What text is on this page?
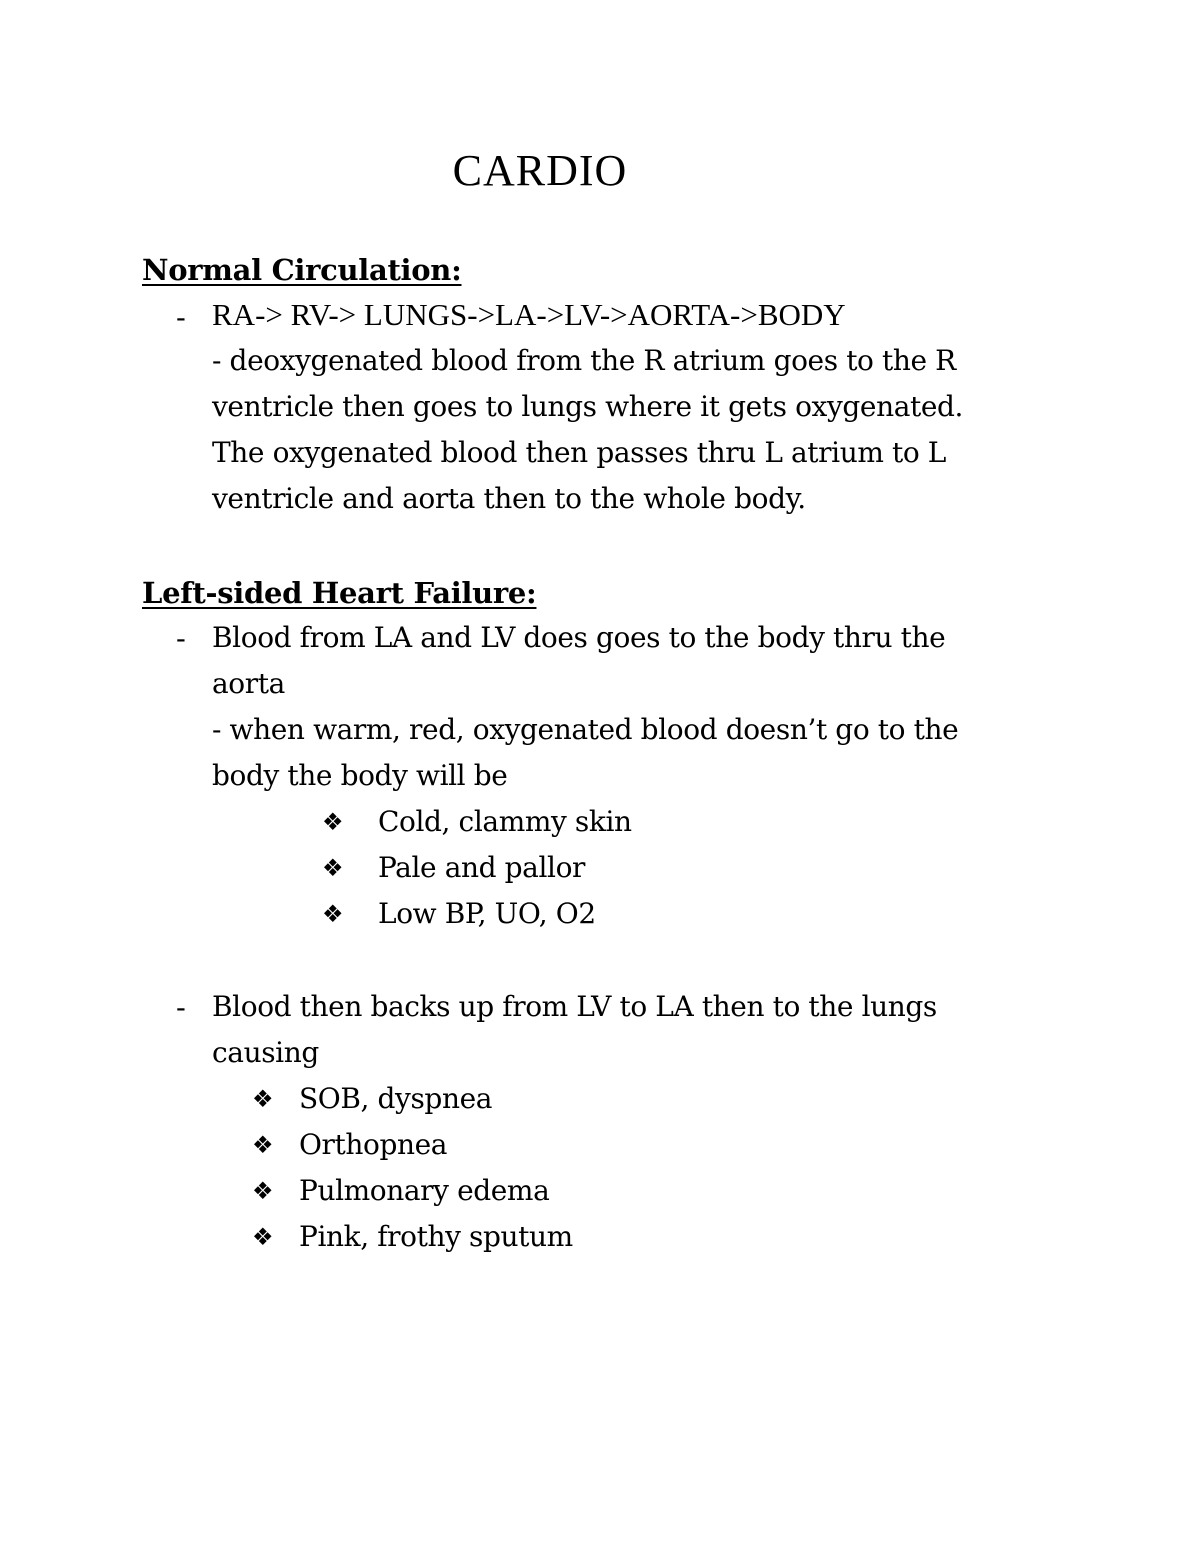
CARDIO
Normal Circulation:
- RA-> RV-> LUNGS->LA->LV->AORTA->BODY
- deoxygenated blood from the R atrium goes to the R
ventricle then goes to lungs where it gets oxygenated.
The oxygenated blood then passes thru L atrium to L
ventricle and aorta then to the whole body.
Left-sided Heart Failure:
- Blood from LA and LV does goes to the body thru the
aorta
- when warm, red, oxygenated blood doesn’t go to the
body the body will be
❖ Cold, clammy skin
❖ Pale and pallor
❖ Low BP, UO, O2
- Blood then backs up from LV to LA then to the lungs
causing
❖ SOB, dyspnea
❖ Orthopnea
❖ Pulmonary edema
❖ Pink, frothy sputum
